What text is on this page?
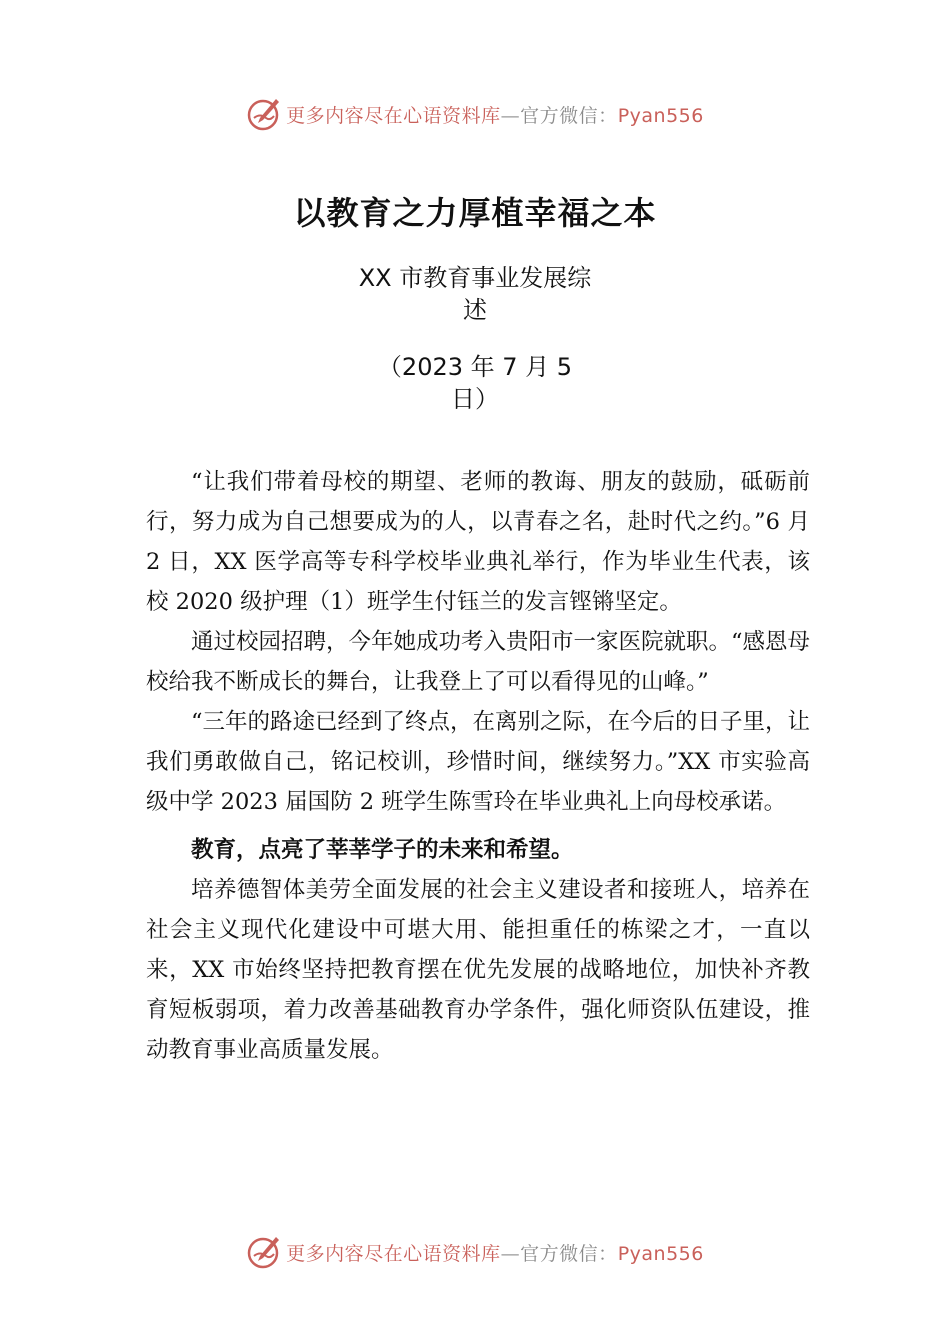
更多内容尽在心语资料库—官方微信：Pyan556
以教育之力厚植幸福之本
XX 市教育事业发展综
述
（2023 年 7 月 5
日）

“让我们带着母校的期望、老师的教诲、朋友的鼓励，砥砺前行，努力成为自己想要成为的人，以青春之名，赴时代之约。”6 月 2 日，XX 医学高等专科学校毕业典礼举行，作为毕业生代表，该校 2020 级护理（1）班学生付钰兰的发言铿锵坚定。

通过校园招聘，今年她成功考入贵阳市一家医院就职。“感恩母校给我不断成长的舞台，让我登上了可以看得见的山峰。”

“三年的路途已经到了终点，在离别之际，在今后的日子里，让我们勇敢做自己，铭记校训，珍惜时间，继续努力。”XX 市实验高级中学 2023 届国防 2 班学生陈雪玲在毕业典礼上向母校承诺。

教育，点亮了莘莘学子的未来和希望。

培养德智体美劳全面发展的社会主义建设者和接班人，培养在社会主义现代化建设中可堪大用、能担重任的栋梁之才，一直以来，XX 市始终坚持把教育摆在优先发展的战略地位，加快补齐教育短板弱项，着力改善基础教育办学条件，强化师资队伍建设，推动教育事业高质量发展。

更多内容尽在心语资料库—官方微信：Pyan556
